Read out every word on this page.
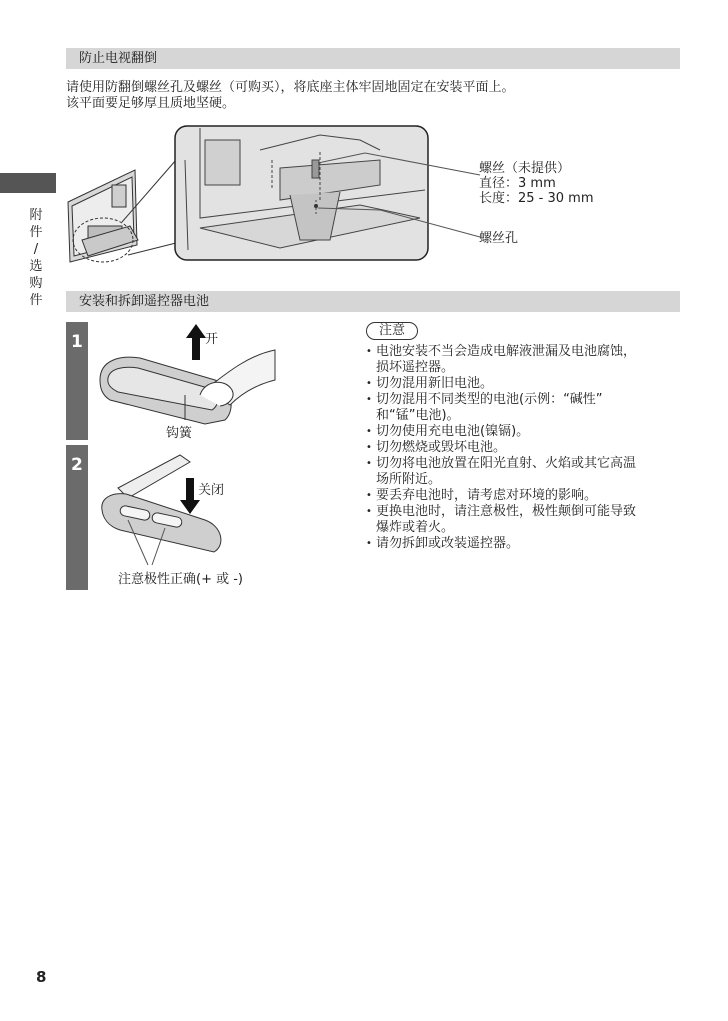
防止电视翻倒
请使用防翻倒螺丝孔及螺丝（可购买），将底座主体牢固地固定在安装平面上。
该平面要足够厚且质地坚硬。
附
件
/
选
购
件
螺丝（未提供）
直径：3 mm
长度：25 - 30 mm
螺丝孔
安装和拆卸遥控器电池
1
2
开
钩簧
关闭
注意极性正确(+ 或 -)
注意
• 电池安装不当会造成电解液泄漏及电池腐蚀，
损坏遥控器。
• 切勿混用新旧电池。
• 切勿混用不同类型的电池(示例：“碱性”
和“锰”电池)。
• 切勿使用充电电池(镍镉)。
• 切勿燃烧或毁坏电池。
• 切勿将电池放置在阳光直射、火焰或其它高温
场所附近。
• 要丢弃电池时，请考虑对环境的影响。
• 更换电池时，请注意极性，极性颠倒可能导致
爆炸或着火。
• 请勿拆卸或改装遥控器。
8
